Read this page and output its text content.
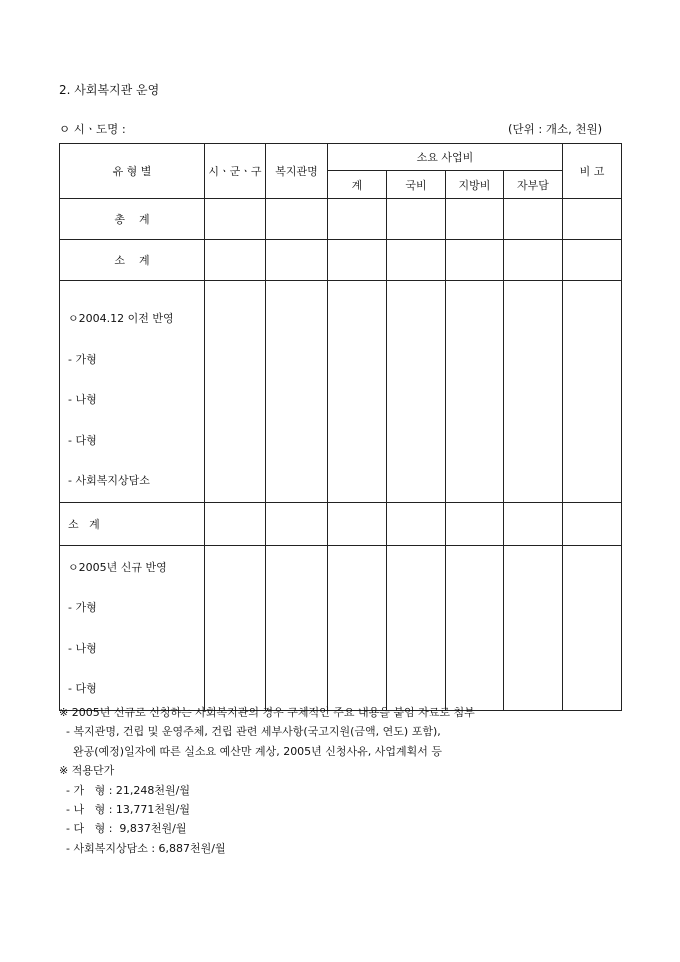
2. 사회복지관 운영
ㅇ 시ㆍ도명 :	(단위 : 개소, 천원)
유 형 별	시ㆍ군ㆍ구	복지관명	소요 사업비				비 고
			계	국비	지방비	자부담	
총    계							
소    계							

ㅇ2004.12 이전 반영
- 가형
- 나형
- 다형
- 사회복지상담소							

소   계							

ㅇ2005년 신규 반영
- 가형
- 나형
- 다형							

※ 2005년 신규로 신청하는 사회복지관의 경우 구체적인 주요 내용을 붙임 자료로 첨부
- 복지관명, 건립 및 운영주체, 건립 관련 세부사항(국고지원(금액, 연도) 포함),
완공(예정)일자에 따른 실소요 예산만 계상, 2005년 신청사유, 사업계획서 등
※ 적용단가
- 가   형 : 21,248천원/월
- 나   형 : 13,771천원/월
- 다   형 :  9,837천원/월
- 사회복지상담소 : 6,887천원/월
